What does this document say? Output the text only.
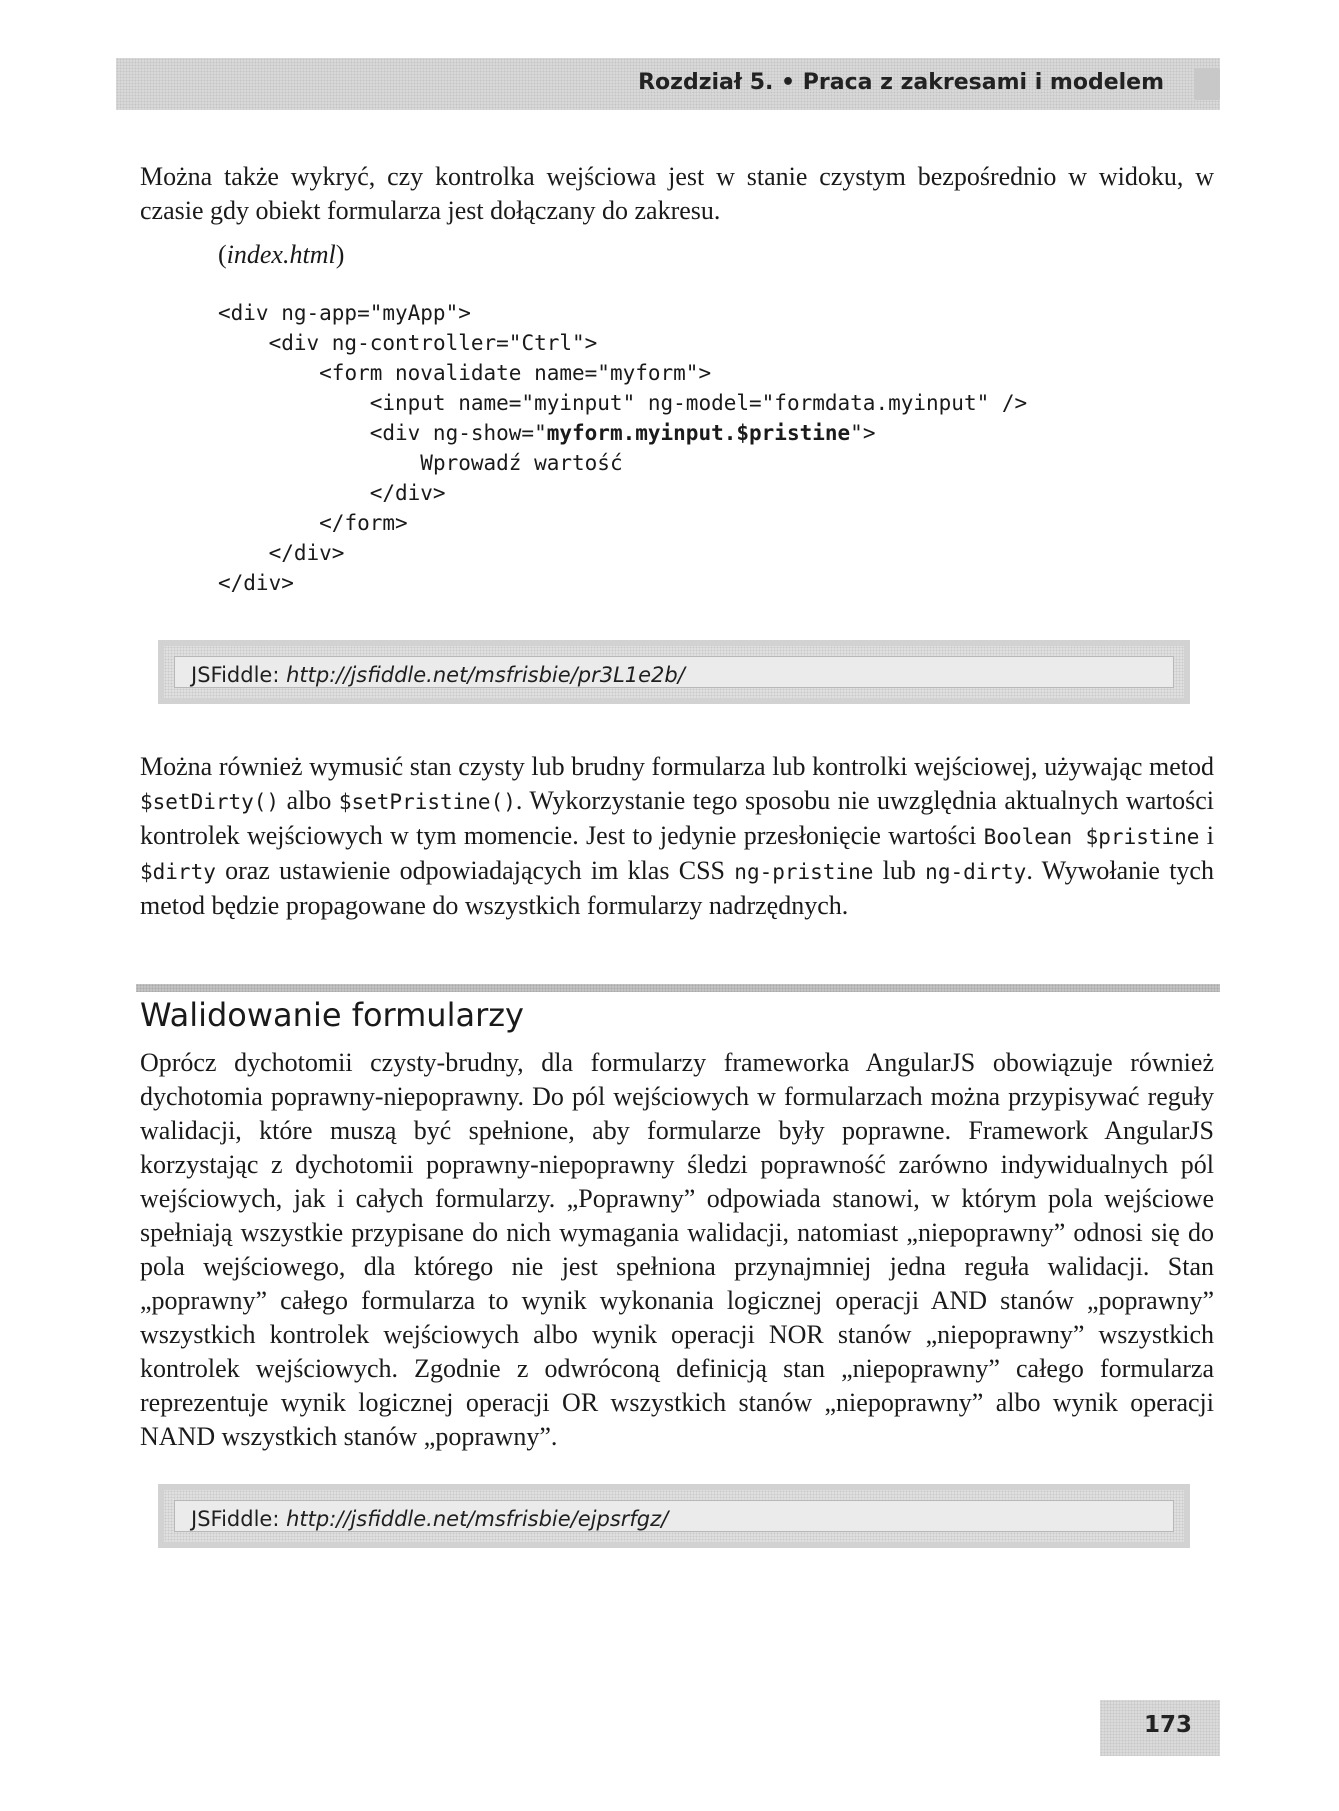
Rozdział 5. • Praca z zakresami i modelem

Można także wykryć, czy kontrolka wejściowa jest w stanie czystym bezpośrednio w widoku, w czasie gdy obiekt formularza jest dołączany do zakresu.

(index.html)
<div ng-app="myApp">
<div ng-controller="Ctrl">
<form novalidate name="myform">
<input name="myinput" ng-model="formdata.myinput" />
<div ng-show="myform.myinput.$pristine">
Wprowadź wartość
</div>
</form>
</div>
</div>
JSFiddle: http://jsfiddle.net/msfrisbie/pr3L1e2b/

Można również wymusić stan czysty lub brudny formularza lub kontrolki wejściowej, używając metod $setDirty() albo $setPristine(). Wykorzystanie tego sposobu nie uwzględnia aktualnych wartości kontrolek wejściowych w tym momencie. Jest to jedynie przesłonięcie wartości Boolean $pristine i $dirty oraz ustawienie odpowiadających im klas CSS ng-pristine lub ng-dirty. Wywołanie tych metod będzie propagowane do wszystkich formularzy nadrzędnych.

Walidowanie formularzy

Oprócz dychotomii czysty-brudny, dla formularzy frameworka AngularJS obowiązuje również dychotomia poprawny-niepoprawny. Do pól wejściowych w formularzach można przypisywać reguły walidacji, które muszą być spełnione, aby formularze były poprawne. Framework AngularJS korzystając z dychotomii poprawny-niepoprawny śledzi poprawność zarówno indywidualnych pól wejściowych, jak i całych formularzy. „Poprawny” odpowiada stanowi, w którym pola wejściowe spełniają wszystkie przypisane do nich wymagania walidacji, natomiast „niepoprawny” odnosi się do pola wejściowego, dla którego nie jest spełniona przynajmniej jedna reguła walidacji. Stan „poprawny” całego formularza to wynik wykonania logicznej operacji AND stanów „poprawny” wszystkich kontrolek wejściowych albo wynik operacji NOR stanów „niepoprawny” wszystkich kontrolek wejściowych. Zgodnie z odwróconą definicją stan „niepoprawny” całego formularza reprezentuje wynik logicznej operacji OR wszystkich stanów „niepoprawny” albo wynik operacji NAND wszystkich stanów „poprawny”.

JSFiddle: http://jsfiddle.net/msfrisbie/ejpsrfgz/
173
